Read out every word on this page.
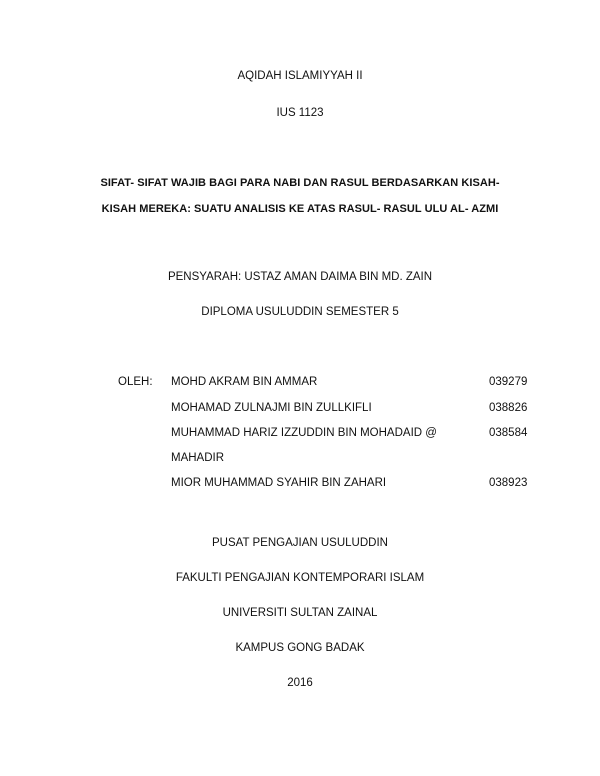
AQIDAH ISLAMIYYAH II
IUS 1123
SIFAT- SIFAT WAJIB BAGI PARA NABI DAN RASUL BERDASARKAN KISAH-
KISAH MEREKA: SUATU ANALISIS KE ATAS RASUL- RASUL ULU AL- AZMI
PENSYARAH: USTAZ AMAN DAIMA BIN MD. ZAIN
DIPLOMA USULUDDIN SEMESTER 5
OLEH: MOHD AKRAM BIN AMMAR	039279
MOHAMAD ZULNAJMI BIN ZULLKIFLI	038826
MUHAMMAD HARIZ IZZUDDIN BIN MOHADAID @	038584
MAHADIR
MIOR MUHAMMAD SYAHIR BIN ZAHARI	038923
PUSAT PENGAJIAN USULUDDIN
FAKULTI PENGAJIAN KONTEMPORARI ISLAM
UNIVERSITI SULTAN ZAINAL
KAMPUS GONG BADAK
2016
